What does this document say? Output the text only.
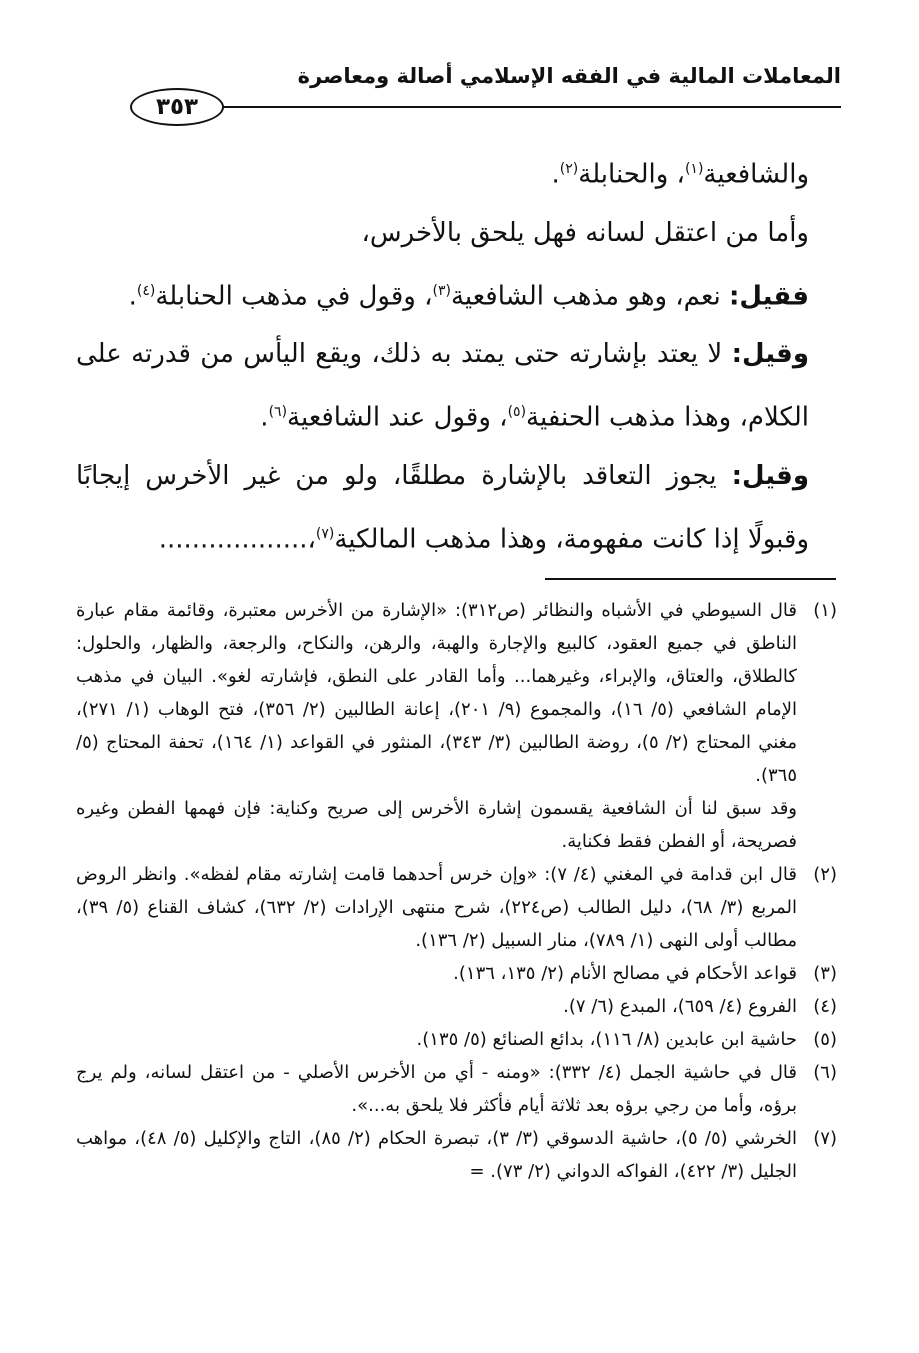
المعاملات المالية في الفقه الإسلامي أصالة ومعاصرة
٣٥٣

والشافعية$^{(١)}$، والحنابلة$^{(٢)}$.

وأما من اعتقل لسانه فهل يلحق بالأخرس،

فقيل: نعم، وهو مذهب الشافعية$^{(٣)}$، وقول في مذهب الحنابلة$^{(٤)}$.

وقيل: لا يعتد بإشارته حتى يمتد به ذلك، ويقع اليأس من قدرته على الكلام، وهذا مذهب الحنفية$^{(٥)}$، وقول عند الشافعية$^{(٦)}$.

وقيل: يجوز التعاقد بالإشارة مطلقًا، ولو من غير الأخرس إيجابًا وقبولًا إذا كانت مفهومة، وهذا مذهب المالكية$^{(٧)}$،..................

(١)
قال السيوطي في الأشباه والنظائر (ص٣١٢): «الإشارة من الأخرس معتبرة، وقائمة مقام عبارة الناطق في جميع العقود، كالبيع والإجارة والهبة، والرهن، والنكاح، والرجعة، والظهار، والحلول: كالطلاق، والعتاق، والإبراء، وغيرهما... وأما القادر على النطق، فإشارته لغو». البيان في مذهب الإمام الشافعي (٥/ ١٦)، والمجموع (٩/ ٢٠١)، إعانة الطالبين (٢/ ٣٥٦)، فتح الوهاب (١/ ٢٧١)، مغني المحتاج (٢/ ٥)، روضة الطالبين (٣/ ٣٤٣)، المنثور في القواعد (١/ ١٦٤)، تحفة المحتاج (٥/ ٣٦٥).

وقد سبق لنا أن الشافعية يقسمون إشارة الأخرس إلى صريح وكناية: فإن فهمها الفطن وغيره فصريحة، أو الفطن فقط فكناية.

(٢)
قال ابن قدامة في المغني (٤/ ٧): «وإن خرس أحدهما قامت إشارته مقام لفظه». وانظر الروض المربع (٣/ ٦٨)، دليل الطالب (ص٢٢٤)، شرح منتهى الإرادات (٢/ ٦٣٢)، كشاف القناع (٥/ ٣٩)، مطالب أولى النهى (١/ ٧٨٩)، منار السبيل (٢/ ١٣٦).
(٣)
قواعد الأحكام في مصالح الأنام (٢/ ١٣٥، ١٣٦).
(٤)
الفروع (٤/ ٦٥٩)، المبدع (٦/ ٧).
(٥)
حاشية ابن عابدين (٨/ ١١٦)، بدائع الصنائع (٥/ ١٣٥).
(٦)
قال في حاشية الجمل (٤/ ٣٣٢): «ومنه - أي من الأخرس الأصلي - من اعتقل لسانه، ولم يرج برؤه، وأما من رجي برؤه بعد ثلاثة أيام فأكثر فلا يلحق به...».
(٧)
الخرشي (٥/ ٥)، حاشية الدسوقي (٣/ ٣)، تبصرة الحكام (٢/ ٨٥)، التاج والإكليل (٥/ ٤٨)، مواهب الجليل (٣/ ٤٢٢)، الفواكه الدواني (٢/ ٧٣). =
